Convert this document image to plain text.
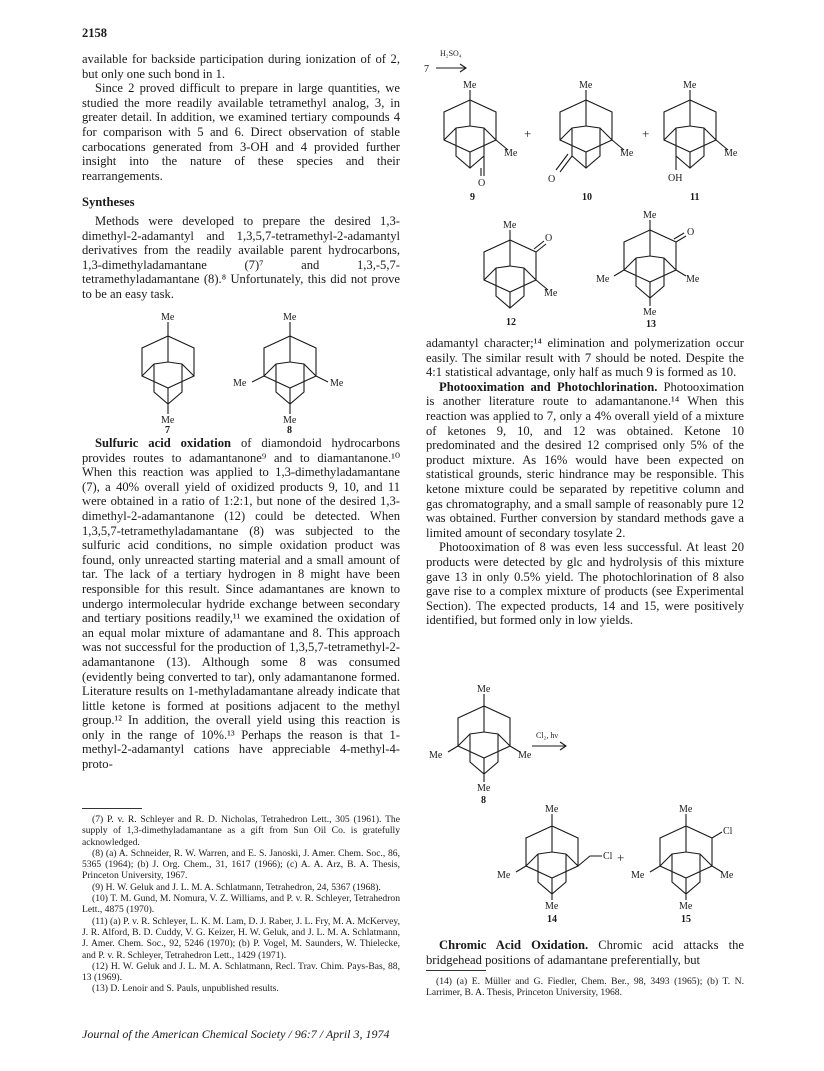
2158

available for backside participation during ionization of of 2, but only one such bond in 1.

Since 2 proved difficult to prepare in large quantities, we studied the more readily available tetramethyl analog, 3, in greater detail. In addition, we examined tertiary compounds 4 for comparison with 5 and 6. Direct observation of stable carbocations generated from 3-OH and 4 provided further insight into the nature of these species and their rearrangements.

Syntheses

Methods were developed to prepare the desired 1,3-dimethyl-2-adamantyl and 1,3,5,7-tetramethyl-2-adamantyl derivatives from the readily available parent hydrocarbons, 1,3-dimethyladamantane (7)⁷ and 1,3,-5,7-tetramethyladamantane (8).⁸ Unfortunately, this did not prove to be an easy task.

Sulfuric acid oxidation of diamondoid hydrocarbons provides routes to adamantanone⁹ and to diamantanone.¹⁰ When this reaction was applied to 1,3-dimethyladamantane (7), a 40% overall yield of oxidized products 9, 10, and 11 were obtained in a ratio of 1:2:1, but none of the desired 1,3-dimethyl-2-adamantanone (12) could be detected. When 1,3,5,7-tetramethyladamantane (8) was subjected to the sulfuric acid conditions, no simple oxidation product was found, only unreacted starting material and a small amount of tar. The lack of a tertiary hydrogen in 8 might have been responsible for this result. Since adamantanes are known to undergo intermolecular hydride exchange between secondary and tertiary positions readily,¹¹ we examined the oxidation of an equal molar mixture of adamantane and 8. This approach was not successful for the production of 1,3,5,7-tetramethyl-2-adamantanone (13). Although some 8 was consumed (evidently being converted to tar), only adamantanone formed. Literature results on 1-methyladamantane already indicate that little ketone is formed at positions adjacent to the methyl group.¹² In addition, the overall yield using this reaction is only in the range of 10%.¹³ Perhaps the reason is that 1-methyl-2-adamantyl cations have appreciable 4-methyl-4-proto-

Me
Me
7
Me
Me	Me
Me
8
H₂SO₄
7
Me
Me
O
9
+
Me
Me
O
10
+
Me
Me
OH
11
Me
Me
O
12
Me
Me	Me
O
Me
13

adamantyl character;¹⁴ elimination and polymerization occur easily. The similar result with 7 should be noted. Despite the 4:1 statistical advantage, only half as much 9 is formed as 10.

Photooximation and Photochlorination. Photooximation is another literature route to adamantanone.¹⁴ When this reaction was applied to 7, only a 4% overall yield of a mixture of ketones 9, 10, and 12 was obtained. Ketone 10 predominated and the desired 12 comprised only 5% of the product mixture. As 16% would have been expected on statistical grounds, steric hindrance may be responsible. This ketone mixture could be separated by repetitive column and gas chromatography, and a small sample of reasonably pure 12 was obtained. Further conversion by standard methods gave a limited amount of secondary tosylate 2.

Photooximation of 8 was even less successful. At least 20 products were detected by glc and hydrolysis of this mixture gave 13 in only 0.5% yield. The photochlorination of 8 also gave rise to a complex mixture of products (see Experimental Section). The expected products, 14 and 15, were positively identified, but formed only in low yields.

Me
Me	Me
Me
8
Cl₂, hν
Me
Me
Cl
Me
14
+
Me
Me	Me
Cl
Me
15

Chromic Acid Oxidation. Chromic acid attacks the bridgehead positions of adamantane preferentially, but

(7) P. v. R. Schleyer and R. D. Nicholas, Tetrahedron Lett., 305 (1961). The supply of 1,3-dimethyladamantane as a gift from Sun Oil Co. is gratefully acknowledged.

(8) (a) A. Schneider, R. W. Warren, and E. S. Janoski, J. Amer. Chem. Soc., 86, 5365 (1964); (b) J. Org. Chem., 31, 1617 (1966); (c) A. A. Arz, B. A. Thesis, Princeton University, 1967.

(9) H. W. Geluk and J. L. M. A. Schlatmann, Tetrahedron, 24, 5367 (1968).

(10) T. M. Gund, M. Nomura, V. Z. Williams, and P. v. R. Schleyer, Tetrahedron Lett., 4875 (1970).

(11) (a) P. v. R. Schleyer, L. K. M. Lam, D. J. Raber, J. L. Fry, M. A. McKervey, J. R. Alford, B. D. Cuddy, V. G. Keizer, H. W. Geluk, and J. L. M. A. Schlatmann, J. Amer. Chem. Soc., 92, 5246 (1970); (b) P. Vogel, M. Saunders, W. Thielecke, and P. v. R. Schleyer, Tetrahedron Lett., 1429 (1971).

(12) H. W. Geluk and J. L. M. A. Schlatmann, Recl. Trav. Chim. Pays-Bas, 88, 13 (1969).

(13) D. Lenoir and S. Pauls, unpublished results.

(14) (a) E. Müller and G. Fiedler, Chem. Ber., 98, 3493 (1965); (b) T. N. Larrimer, B. A. Thesis, Princeton University, 1968.

Journal of the American Chemical Society / 96:7 / April 3, 1974
